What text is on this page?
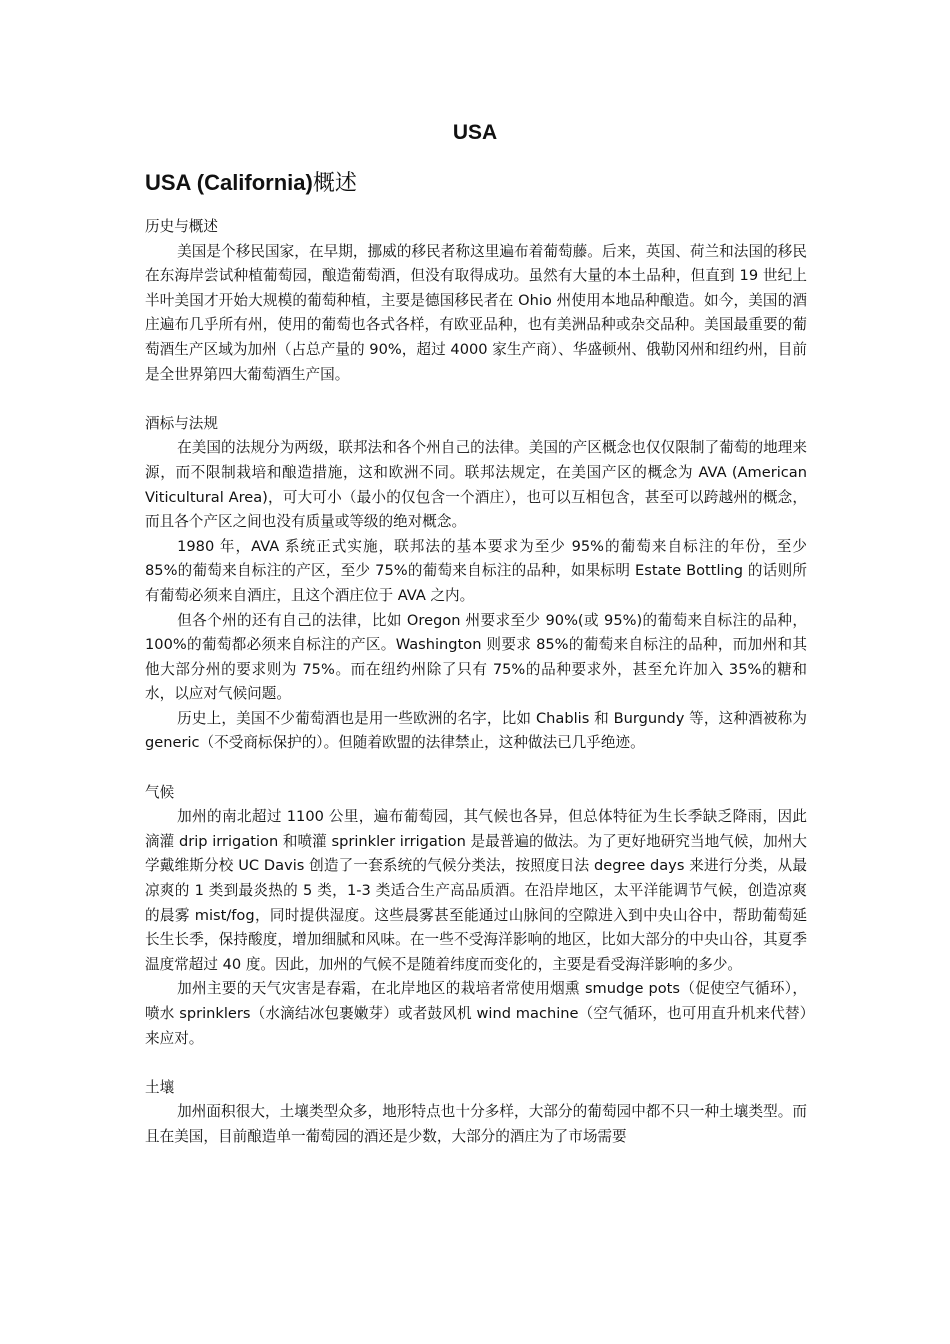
USA
USA (California)概述

历史与概述

美国是个移民国家，在早期，挪威的移民者称这里遍布着葡萄藤。后来，英国、荷兰和法国的移民在东海岸尝试种植葡萄园，酿造葡萄酒，但没有取得成功。虽然有大量的本土品种，但直到 19 世纪上半叶美国才开始大规模的葡萄种植，主要是德国移民者在 Ohio 州使用本地品种酿造。如今，美国的酒庄遍布几乎所有州，使用的葡萄也各式各样，有欧亚品种，也有美洲品种或杂交品种。美国最重要的葡萄酒生产区域为加州（占总产量的 90%，超过 4000 家生产商）、华盛顿州、俄勒冈州和纽约州，目前是全世界第四大葡萄酒生产国。

酒标与法规

在美国的法规分为两级，联邦法和各个州自己的法律。美国的产区概念也仅仅限制了葡萄的地理来源，而不限制栽培和酿造措施，这和欧洲不同。联邦法规定，在美国产区的概念为 AVA (American Viticultural Area)，可大可小（最小的仅包含一个酒庄），也可以互相包含，甚至可以跨越州的概念，而且各个产区之间也没有质量或等级的绝对概念。

1980 年，AVA 系统正式实施，联邦法的基本要求为至少 95%的葡萄来自标注的年份，至少 85%的葡萄来自标注的产区，至少 75%的葡萄来自标注的品种，如果标明 Estate Bottling 的话则所有葡萄必须来自酒庄，且这个酒庄位于 AVA 之内。

但各个州的还有自己的法律，比如 Oregon 州要求至少 90%(或 95%)的葡萄来自标注的品种，100%的葡萄都必须来自标注的产区。Washington 则要求 85%的葡萄来自标注的品种，而加州和其他大部分州的要求则为 75%。而在纽约州除了只有 75%的品种要求外，甚至允许加入 35%的糖和水，以应对气候问题。

历史上，美国不少葡萄酒也是用一些欧洲的名字，比如 Chablis 和 Burgundy 等，这种酒被称为 generic（不受商标保护的）。但随着欧盟的法律禁止，这种做法已几乎绝迹。

气候

加州的南北超过 1100 公里，遍布葡萄园，其气候也各异，但总体特征为生长季缺乏降雨，因此滴灌 drip irrigation 和喷灌 sprinkler irrigation 是最普遍的做法。为了更好地研究当地气候，加州大学戴维斯分校 UC Davis 创造了一套系统的气候分类法，按照度日法 degree days 来进行分类，从最凉爽的 1 类到最炎热的 5 类，1-3 类适合生产高品质酒。在沿岸地区，太平洋能调节气候，创造凉爽的晨雾 mist/fog，同时提供湿度。这些晨雾甚至能通过山脉间的空隙进入到中央山谷中，帮助葡萄延长生长季，保持酸度，增加细腻和风味。在一些不受海洋影响的地区，比如大部分的中央山谷，其夏季温度常超过 40 度。因此，加州的气候不是随着纬度而变化的，主要是看受海洋影响的多少。

加州主要的天气灾害是春霜，在北岸地区的栽培者常使用烟熏 smudge pots（促使空气循环），喷水 sprinklers（水滴结冰包裹嫩芽）或者鼓风机 wind machine（空气循环，也可用直升机来代替）来应对。

土壤

加州面积很大，土壤类型众多，地形特点也十分多样，大部分的葡萄园中都不只一种土壤类型。而且在美国，目前酿造单一葡萄园的酒还是少数，大部分的酒庄为了市场需要
